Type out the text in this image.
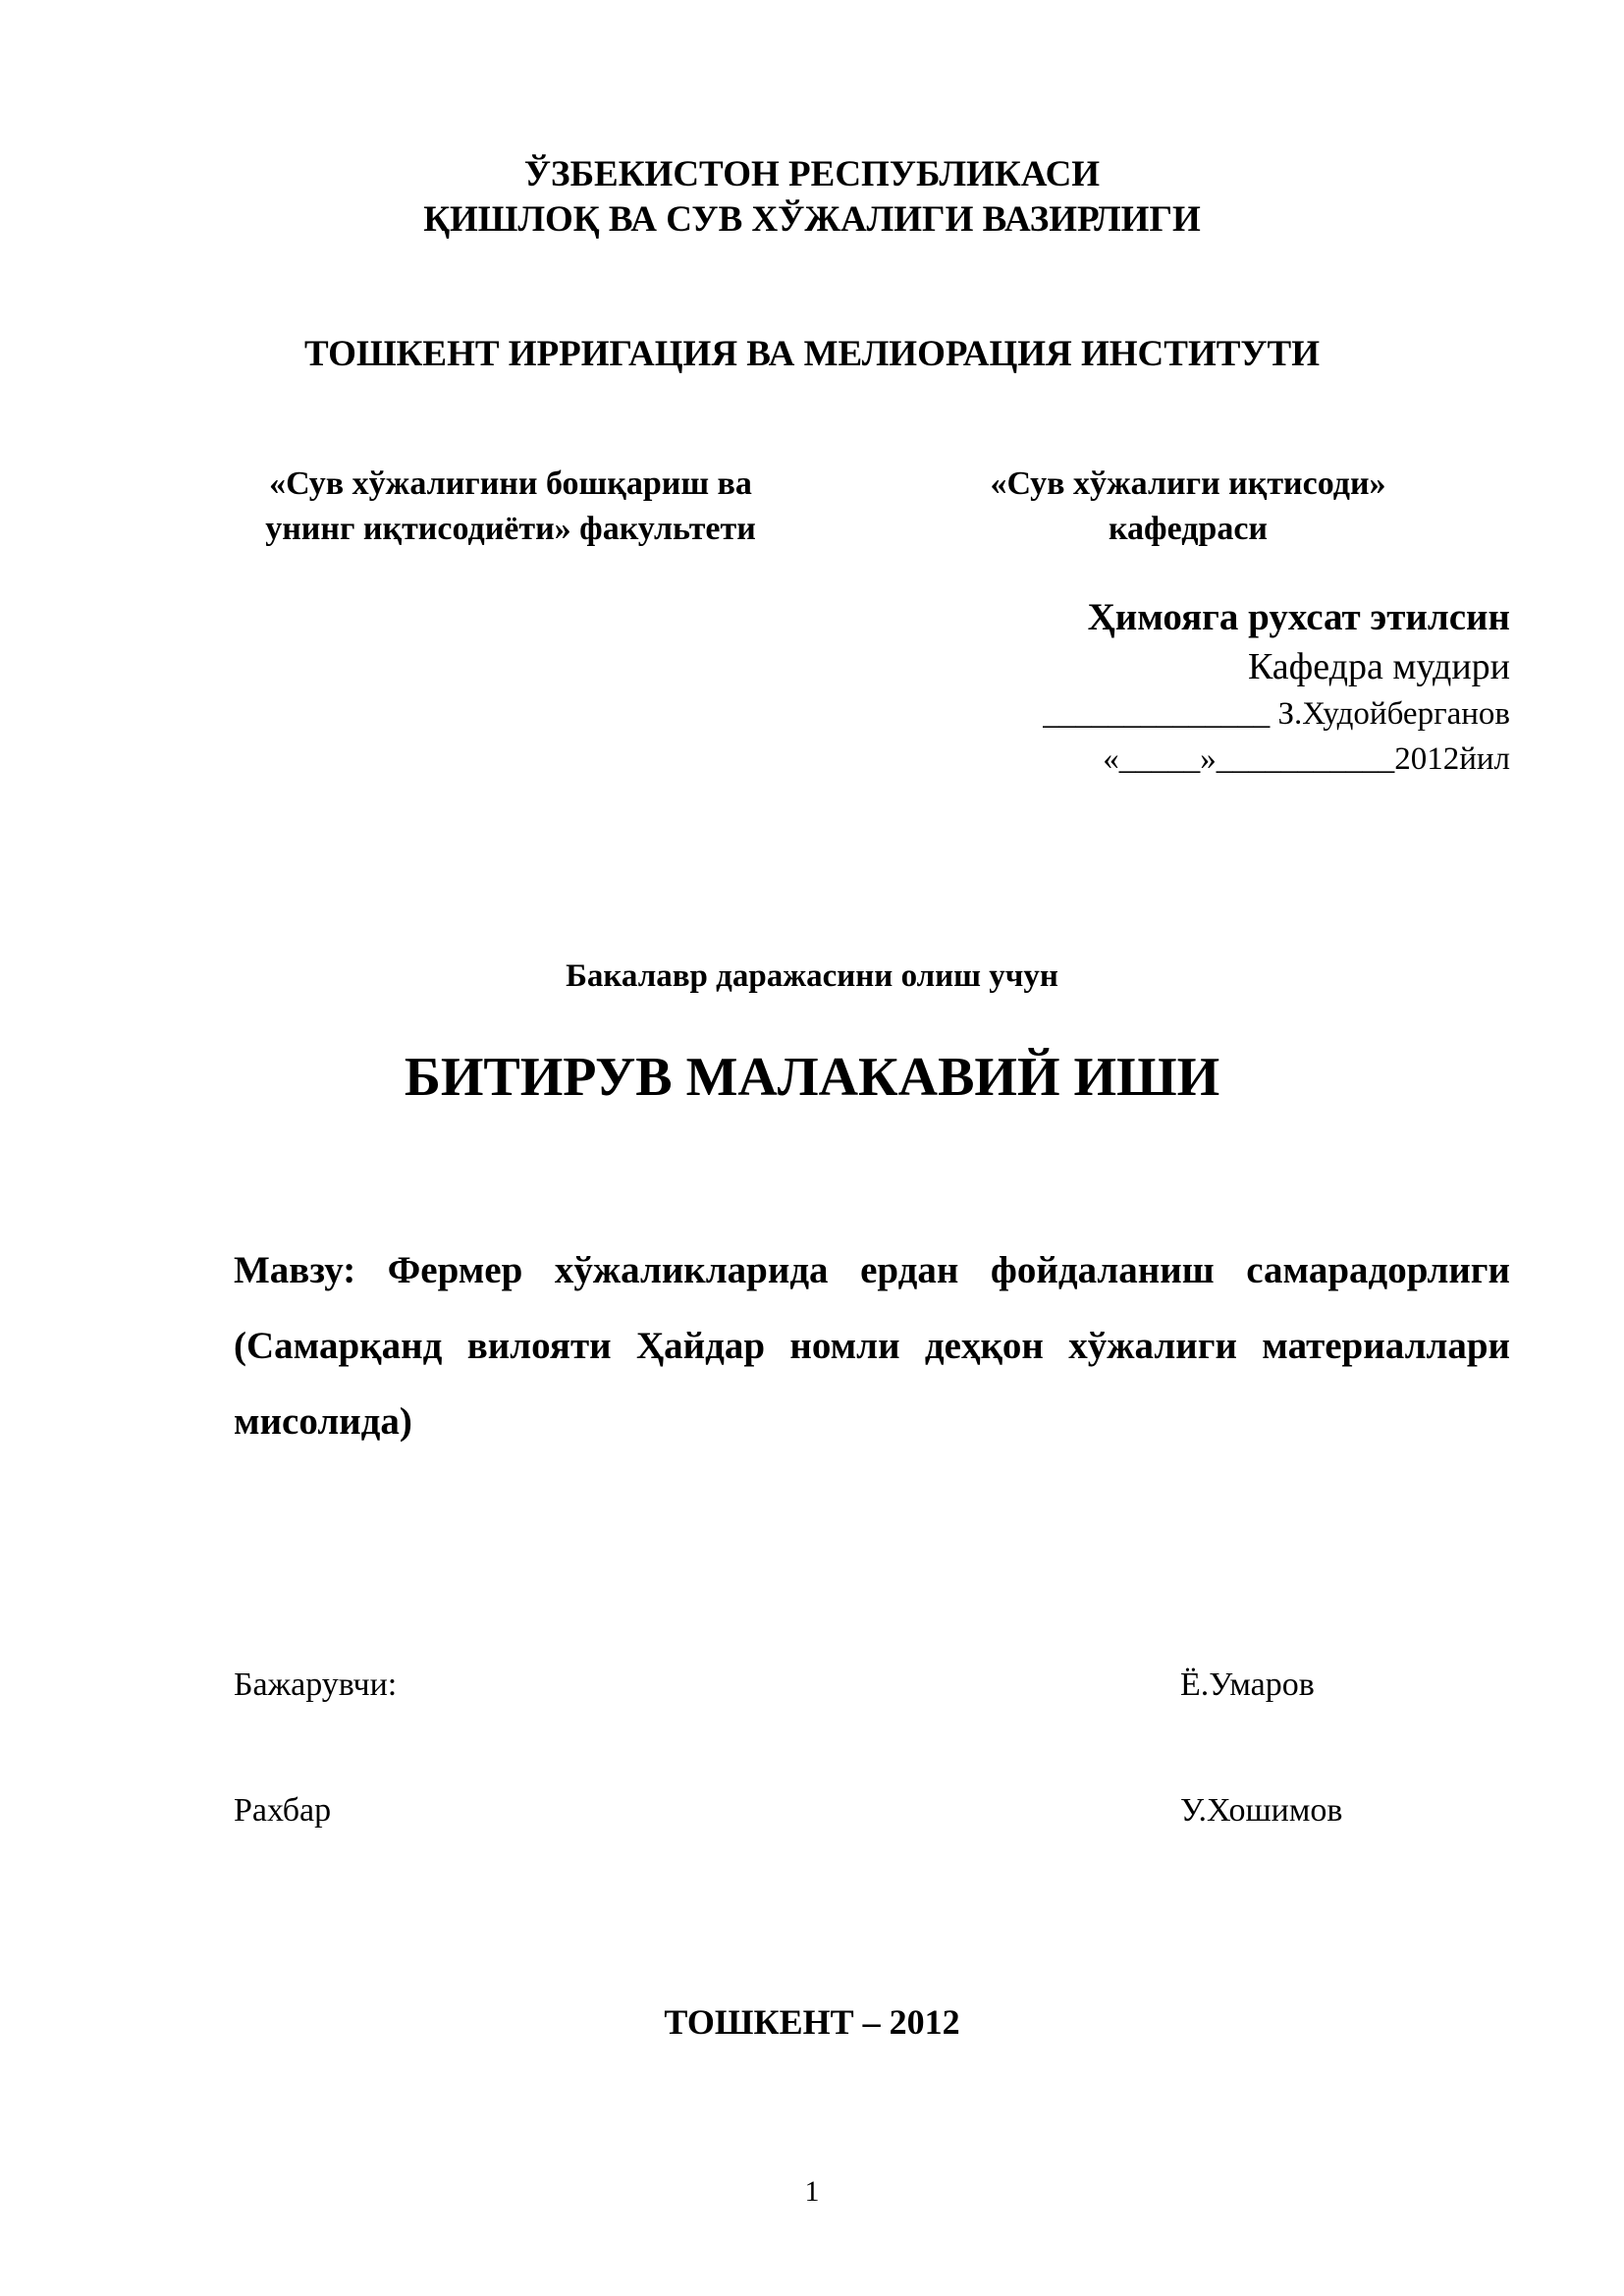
ЎЗБЕКИСТОН РЕСПУБЛИКАСИ
ҚИШЛОҚ ВА СУВ ХЎЖАЛИГИ ВАЗИРЛИГИ
ТОШКЕНТ ИРРИГАЦИЯ ВА МЕЛИОРАЦИЯ ИНСТИТУТИ
«Сув хўжалигини бошқариш ва
унинг иқтисодиёти» факультети
«Сув хўжалиги иқтисоди»
кафедраси
Ҳимояга рухсат этилсин
Кафедра мудири
______________ З.Худойберганов
«_____»___________2012йил
Бакалавр даражасини олиш учун
БИТИРУВ МАЛАКАВИЙ ИШИ
Мавзу: Фермер хўжаликларида ердан фойдаланиш самарадорлиги (Самарқанд вилояти Ҳайдар номли деҳқон хўжалиги материаллари мисолида)
Бажарувчи:	Ё.Умаров
Рахбар	У.Хошимов
ТОШКЕНТ – 2012
1
